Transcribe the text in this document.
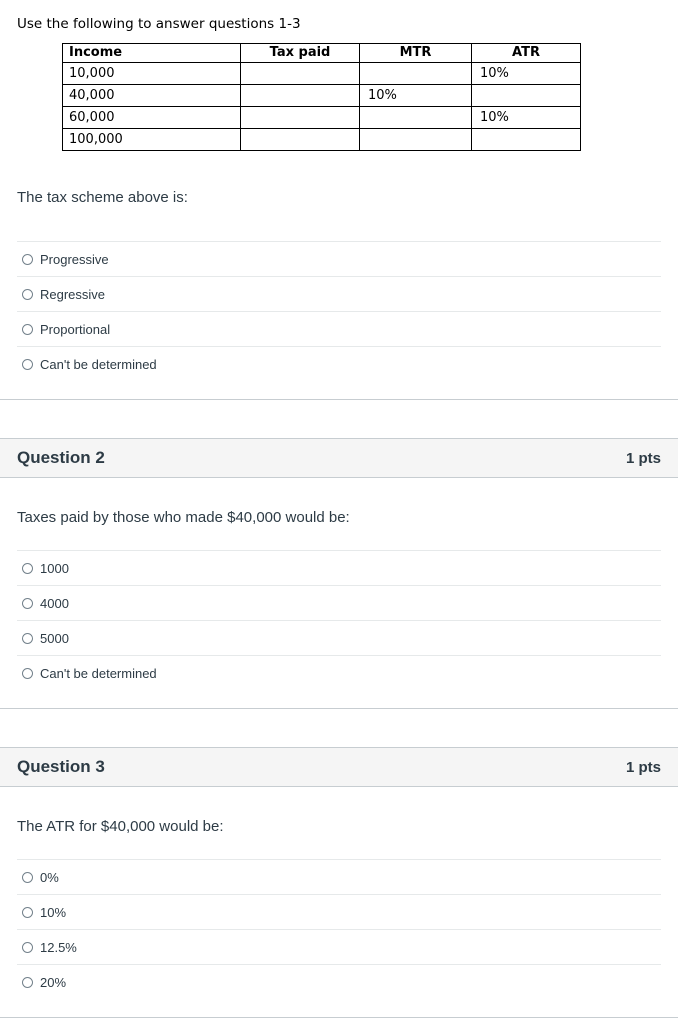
Use the following to answer questions 1-3
Income	Tax paid	MTR	ATR
10,000			10%
40,000		10%	
60,000			10%
100,000			
The tax scheme above is:
Progressive
Regressive
Proportional
Can't be determined
Question 2	1 pts
Taxes paid by those who made $40,000 would be:
1000
4000
5000
Can't be determined
Question 3	1 pts
The ATR for $40,000 would be:
0%
10%
12.5%
20%
